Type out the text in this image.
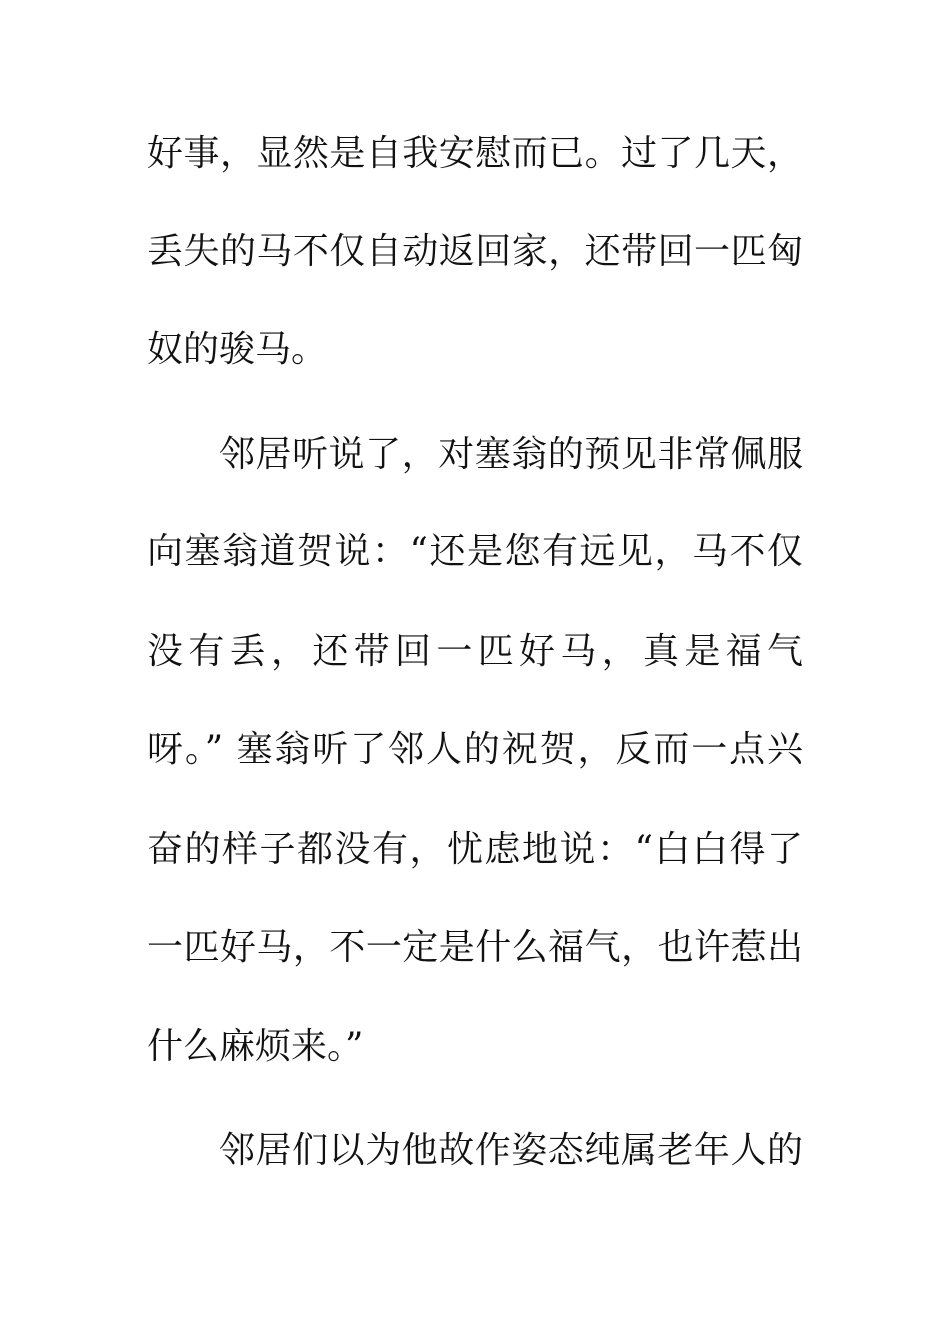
好事，显然是自我安慰而已。过了几天，
丢失的马不仅自动返回家，还带回一匹匈
奴的骏马。
邻居听说了，对塞翁的预见非常佩服
向塞翁道贺说：“还是您有远见，马不仅
没有丢，还带回一匹好马，真是福气
呀。” 塞翁听了邻人的祝贺，反而一点兴
奋的样子都没有，忧虑地说：“白白得了
一匹好马，不一定是什么福气，也许惹出
什么麻烦来。”
邻居们以为他故作姿态纯属老年人的
